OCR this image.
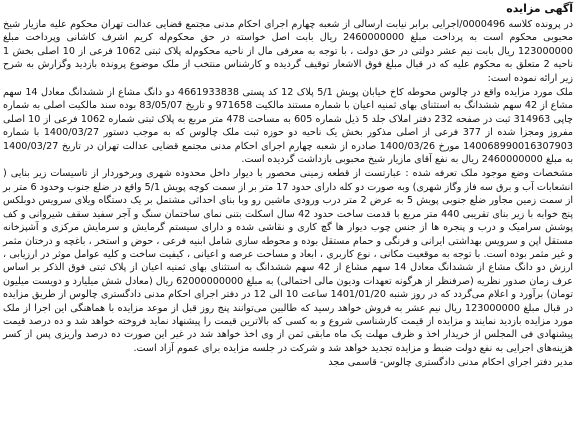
آگهی مزایده

در پرونده کلاسه 0000496/اجرایی برابر نیابت ارسالی از شعبه چهارم اجرای احکام مدنی مجتمع قضایی عدالت تهران محکوم علیه مازیار شیخ محبوبی محکوم است به پرداخت مبلغ 2460000000 ریال بابت اصل خواسته در حق محکوم‌له کریم اشرف کاشانی وپرداخت مبلغ 123000000 ریال بابت نیم عشر دولتی در حق دولت ، با توجه به معرفی مال از ناحیه محکوم‌له پلاک ثبتی 1062 فرعی از 10 اصلی بخش 1 ناحیه 2 متعلق به محکوم علیه که در قبال مبلغ فوق الاشعار توقیف گردیده و کارشناس منتخب از ملک موضوع پرونده بازدید وگزارش به شرح زیر ارائه نموده است:

ملک مورد مزایده واقع در چالوس محوطه کاخ خیابان پویش 5/1 پلاک 12 کد پستی 4661933838 دو دانگ مشاع از ششدانگ معادل 14 سهم مشاع از 42 سهم ششدانگ به استثنای بهای ثمنیه اعیان با شماره مستند مالکیت 971658 و تاریخ 83/05/07 بوده سند مالکیت اصلی به شماره چاپی 314963 ثبت در صفحه 232 دفتر املاک جلد 5 ذیل شماره 605 به مساحت 478 متر مربع به پلاک ثبتی شماره 1062 فرعی از 10 اصلی مفروز ومجزا شده از 377 فرعی از اصلی مذکور بخش یک ناحیه دو حوزه ثبت ملک چالوس که به موجب دستور 1400/03/27 با شماره 140068990016307903 مورخ 1400/03/26 صادره از شعبه چهارم اجرای احکام مدنی مجتمع قضایی عدالت تهران در تاریخ 1400/03/27 به مبلغ 2460000000 ریال به نفع آقای مازیار شیخ محبوبی بازداشت گردیده است.

مشخصات وضع موجود ملک تعرفه شده : عبارتست از قطعه زمینی محصور با دیوار داخل محدوده شهری وبرخوردار از تاسیسات زیر بنایی ( انشعابات آب و برق سه فاز وگاز شهری) وبه صورت دو کله دارای حدود 17 متر بر از سمت کوچه پویش 5/1 واقع در ضلع جنوب وحدود 6 متر بر از سمت زمین مجاور ضلع جنوبی پویش 5 به عرض 2 متر درب ورودی ماشین رو وبا بنای احداثی مشتمل بر یک دستگاه ویلای سرویس دوبلکس پنج خوابه با زیر بنای تقریبی 440 متر مربع با قدمت ساخت حدود 42 سال اسکلت بتنی نمای ساختمان سنگ و آجر سفید سقف شیروانی و کف پوشش سرامیک و درب و پنجره ها از جنس چوب دیوار ها گچ کاری و نقاشی شده و دارای سیستم گرمایش و سرمایش مرکزی و آشپزخانه مستقل اپن و سرویس بهداشتی ایرانی و فرنگی و حمام مستقل بوده و محوطه سازی شامل ابنیه فرعی ، حوض و استخر ، باغچه و درختان مثمر و غیر مثمر بوده است. با توجه به موقعیت مکانی ، نوع کاربری ، ابعاد و مساحت عرصه و اعیانی ، کیفیت ساخت و کلیه عوامل موثر در ارزیابی ، ارزش دو دانگ مشاع از ششدانگ معادل 14 سهم مشاع از 42 سهم ششدانگ به استثنای بهای ثمنیه اعیان از پلاک ثبتی فوق الذکر بر اساس عرف زمان صدور نظریه (صرفنظر از هرگونه تعهدات ودیون مالی احتمالی) به مبلغ 62000000000 ریال (معادل شش میلیارد و دویست میلیون تومان) برآورد و اعلام می‌گردد که در روز شنبه 1401/01/20 ساعت 10 الی 12 در دفتر اجرای احکام مدنی دادگستری چالوس از طریق مزایده در قبال مبلغ 123000000 ریال نیم عشر به فروش خواهد رسید که طالبین می‌توانند پنج روز قبل از موعد مزایده با هماهنگی این اجرا از ملک مورد مزایده بازدید نمایند و مزایده از قیمت کارشناسی شروع و به کسی که بالاترین قیمت را پیشنهاد نماید فروخته خواهد شد و ده درصد قیمت پیشنهادی فی المجلس از خریدار اخذ و ظرف مهلت یک ماه مابقی ثمن از وی اخذ خواهد شد در غیر این صورت ده درصد واریزی پس از کسر هزینه‌های اجرایی به نفع دولت ضبط و مزایده تجدید خواهد شد و شرکت در جلسه مزایده برای عموم آزاد است.

مدیر دفتر اجرای احکام مدنی دادگستری چالوس- قاسمی مجد
